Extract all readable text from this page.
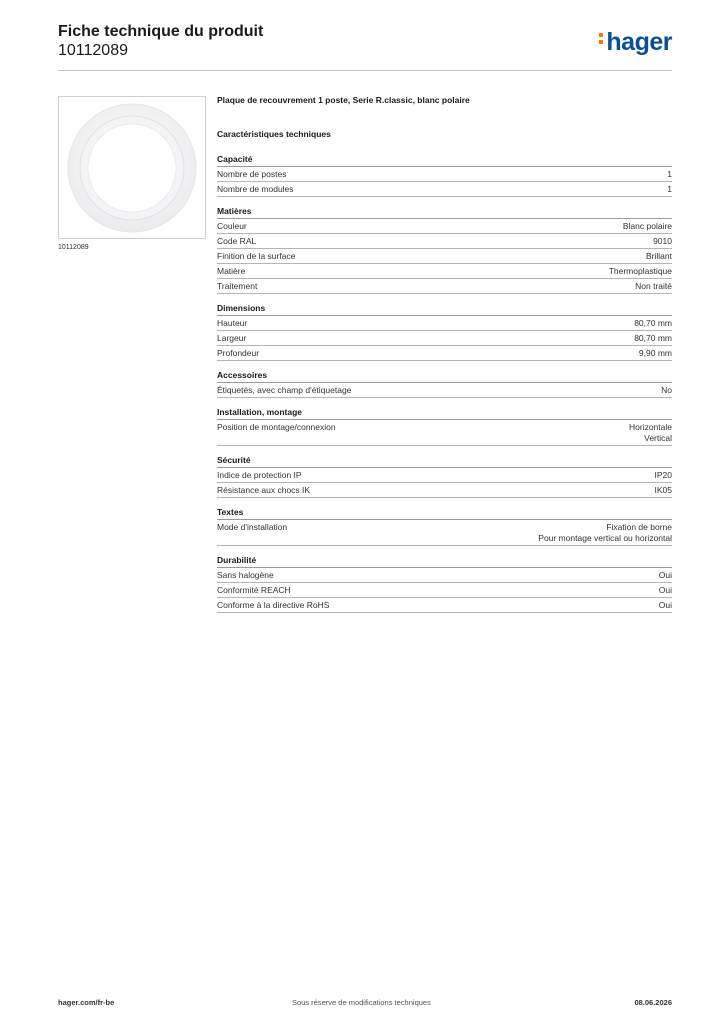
Fiche technique du produit
10112089	hager
10112089
Plaque de recouvrement 1 poste, Serie R.classic, blanc polaire
Caractéristiques techniques
Capacité
Nombre de postes	1
Nombre de modules	1
Matières
Couleur	Blanc polaire
Code RAL	9010
Finition de la surface	Brillant
Matière	Thermoplastique
Traitement	Non traité
Dimensions
Hauteur	80,70 mm
Largeur	80,70 mm
Profondeur	9,90 mm
Accessoires
Étiquetés, avec champ d'étiquetage	No
Installation, montage
Position de montage/connexion	Horizontale
Vertical
Sécurité
Indice de protection IP	IP20
Résistance aux chocs IK	IK05
Textes
Mode d'installation	Fixation de borne
Pour montage vertical ou horizontal
Durabilité
Sans halogène	Oui
Conformité REACH	Oui
Conforme à la directive RoHS	Oui
hager.com/fr-be	Sous réserve de modifications techniques	08.06.2026
